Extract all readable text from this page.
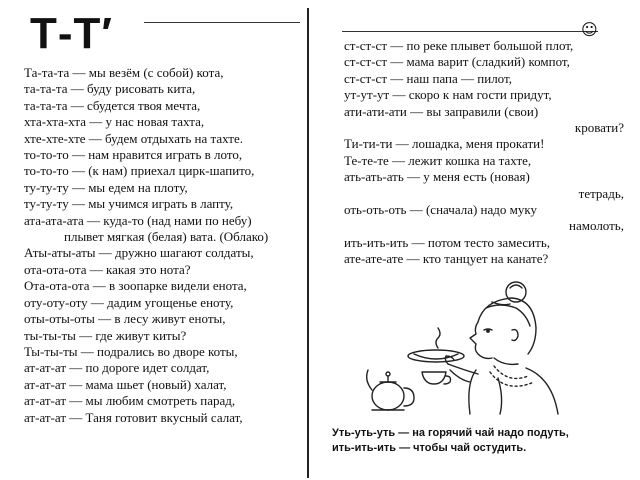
Т-Т′
Та-та-та — мы везём (с собой) кота,
та-та-та — буду рисовать кита,
та-та-та — сбудется твоя мечта,
хта-хта-хта — у нас новая тахта,
хте-хте-хте — будем отдыхать на тахте.
то-то-то — нам нравится играть в лото,
то-то-то — (к нам) приехал цирк-шапито,
ту-ту-ту — мы едем на плоту,
ту-ту-ту — мы учимся играть в лапту,
ата-ата-ата — куда-то (над нами по небу)
плывет мягкая (белая) вата. (Облако)
Аты-аты-аты — дружно шагают солдаты,
ота-ота-ота — какая это нота?
Ота-ота-ота — в зоопарке видели енота,
оту-оту-оту — дадим угощенье еноту,
оты-оты-оты — в лесу живут еноты,
ты-ты-ты — где живут киты?
Ты-ты-ты — подрались во дворе коты,
ат-ат-ат — по дороге идет солдат,
ат-ат-ат — мама шьет (новый) халат,
ат-ат-ат — мы любим смотреть парад,
ат-ат-ат — Таня готовит вкусный салат,
☺
ст-ст-ст — по реке плывет большой плот,
ст-ст-ст — мама варит (сладкий) компот,
ст-ст-ст — наш папа — пилот,
ут-ут-ут — скоро к нам гости придут,
ати-ати-ати — вы заправили (свои)
кровати?
Ти-ти-ти — лошадка, меня прокати!
Те-те-те — лежит кошка на тахте,
ать-ать-ать — у меня есть (новая)
тетрадь,
оть-оть-оть — (сначала) надо муку
намолоть,
ить-ить-ить — потом тесто замесить,
ате-ате-ате — кто танцует на канате?
Уть-уть-уть — на горячий чай надо подуть,
ить-ить-ить — чтобы чай остудить.
